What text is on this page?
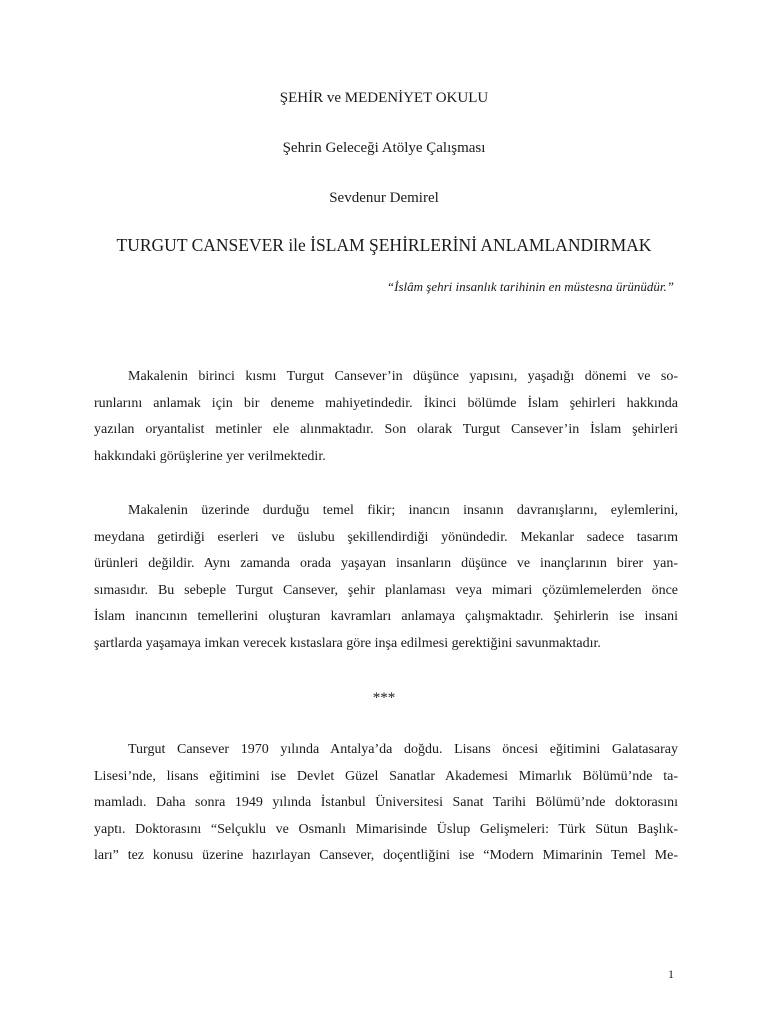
ŞEHİR ve MEDENİYET OKULU
Şehrin Geleceği Atölye Çalışması
Sevdenur Demirel
TURGUT CANSEVER ile İSLAM ŞEHİRLERİNİ ANLAMLANDIRMAK
“İslâm şehri insanlık tarihinin en müstesna ürünüdür.”
Makalenin birinci kısmı Turgut Cansever’in düşünce yapısını, yaşadığı dönemi ve so-
runlarını anlamak için bir deneme mahiyetindedir. İkinci bölümde İslam şehirleri hakkında
yazılan oryantalist metinler ele alınmaktadır. Son olarak Turgut Cansever’in İslam şehirleri
hakkındaki görüşlerine yer verilmektedir.
Makalenin üzerinde durduğu temel fikir; inancın insanın davranışlarını, eylemlerini,
meydana getirdiği eserleri ve üslubu şekillendirdiği yönündedir. Mekanlar sadece tasarım
ürünleri değildir. Aynı zamanda orada yaşayan insanların düşünce ve inançlarının birer yan-
sımasıdır. Bu sebeple Turgut Cansever, şehir planlaması veya mimari çözümlemelerden önce
İslam inancının temellerini oluşturan kavramları anlamaya çalışmaktadır. Şehirlerin ise insani
şartlarda yaşamaya imkan verecek kıstaslara göre inşa edilmesi gerektiğini savunmaktadır.
***
Turgut Cansever 1970 yılında Antalya’da doğdu. Lisans öncesi eğitimini Galatasaray
Lisesi’nde, lisans eğitimini ise Devlet Güzel Sanatlar Akademesi Mimarlık Bölümü’nde ta-
mamladı. Daha sonra 1949 yılında İstanbul Üniversitesi Sanat Tarihi Bölümü’nde doktorasını
yaptı. Doktorasını “Selçuklu ve Osmanlı Mimarisinde Üslup Gelişmeleri: Türk Sütun Başlık-
ları” tez konusu üzerine hazırlayan Cansever, doçentliğini ise “Modern Mimarinin Temel Me-
1
